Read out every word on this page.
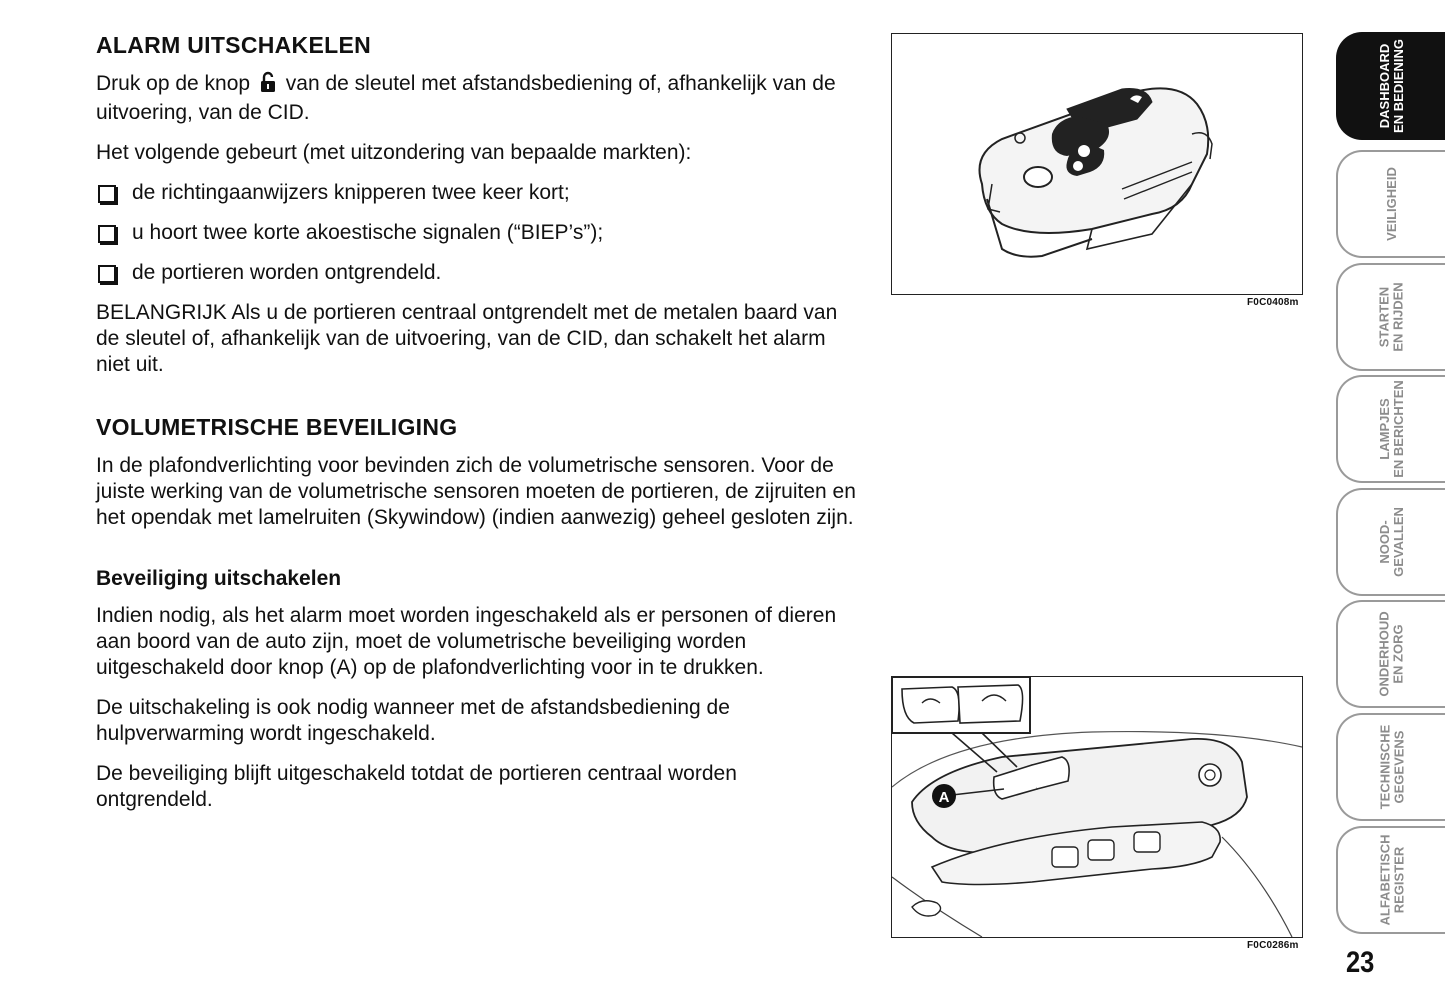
ALARM UITSCHAKELEN
Druk op de knop van de sleutel met afstandsbediening of, afhankelijk van de uitvoering, van de CID.
Het volgende gebeurt (met uitzondering van bepaalde markten):
de richtingaanwijzers knipperen twee keer kort;
u hoort twee korte akoestische signalen (“BIEP’s”);
de portieren worden ontgrendeld.
BELANGRIJK Als u de portieren centraal ontgrendelt met de metalen baard van de sleutel of, afhankelijk van de uitvoering, van de CID, dan schakelt het alarm niet uit.
VOLUMETRISCHE BEVEILIGING
In de plafondverlichting voor bevinden zich de volumetrische sensoren. Voor de juiste werking van de volumetrische sensoren moeten de portieren, de zijruiten en het opendak met lamelruiten (Skywindow) (indien aanwezig) geheel gesloten zijn.
Beveiliging uitschakelen
Indien nodig, als het alarm moet worden ingeschakeld als er personen of dieren aan boord van de auto zijn, moet de volumetrische beveiliging worden uitgeschakeld door knop (A) op de plafondverlichting voor in te drukken.
De uitschakeling is ook nodig wanneer met de afstandsbediening de hulpverwarming wordt ingeschakeld.
De beveiliging blijft uitgeschakeld totdat de portieren centraal worden ontgrendeld.
F0C0408m
A
F0C0286m
DASHBOARD
EN BEDIENING
VEILIGHEID
STARTEN
EN RIJDEN
LAMPJES
EN BERICHTEN
NOOD-
GEVALLEN
ONDERHOUD
EN ZORG
TECHNISCHE
GEGEVENS
ALFABETISCH
REGISTER
23
